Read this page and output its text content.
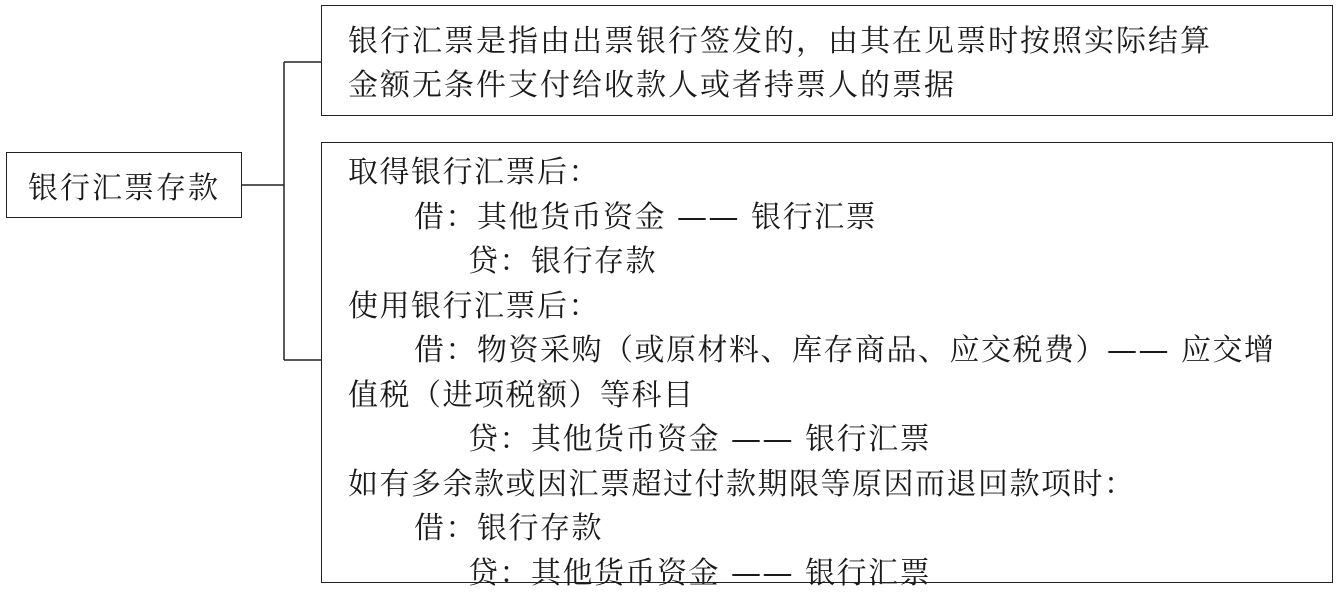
银行汇票存款
银行汇票是指由出票银行签发的，由其在见票时按照实际结算
金额无条件支付给收款人或者持票人的票据
取得银行汇票后：
借：其他货币资金 —— 银行汇票
贷：银行存款
使用银行汇票后：
借：物资采购（或原材料、库存商品、应交税费）—— 应交增
值税（进项税额）等科目
贷：其他货币资金 —— 银行汇票
如有多余款或因汇票超过付款期限等原因而退回款项时：
借：银行存款
贷：其他货币资金 —— 银行汇票
